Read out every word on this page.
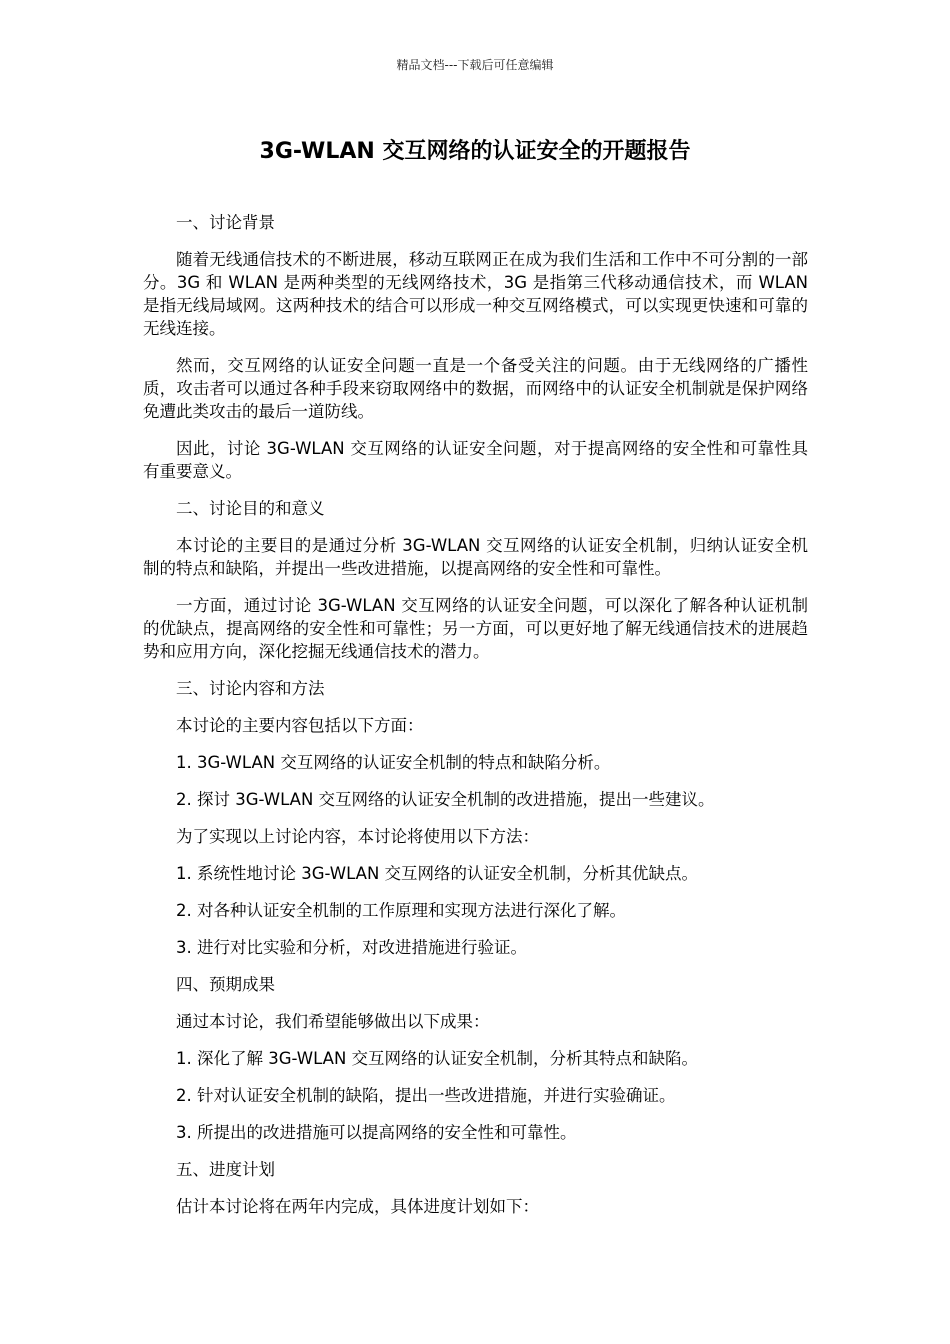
精品文档---下载后可任意编辑
3G-WLAN 交互网络的认证安全的开题报告

一、讨论背景

随着无线通信技术的不断进展，移动互联网正在成为我们生活和工作中不可分割的一部分。3G 和 WLAN 是两种类型的无线网络技术，3G 是指第三代移动通信技术，而 WLAN 是指无线局域网。这两种技术的结合可以形成一种交互网络模式，可以实现更快速和可靠的无线连接。

然而，交互网络的认证安全问题一直是一个备受关注的问题。由于无线网络的广播性质，攻击者可以通过各种手段来窃取网络中的数据，而网络中的认证安全机制就是保护网络免遭此类攻击的最后一道防线。

因此，讨论 3G-WLAN 交互网络的认证安全问题，对于提高网络的安全性和可靠性具有重要意义。

二、讨论目的和意义

本讨论的主要目的是通过分析 3G-WLAN 交互网络的认证安全机制，归纳认证安全机制的特点和缺陷，并提出一些改进措施，以提高网络的安全性和可靠性。

一方面，通过讨论 3G-WLAN 交互网络的认证安全问题，可以深化了解各种认证机制的优缺点，提高网络的安全性和可靠性；另一方面，可以更好地了解无线通信技术的进展趋势和应用方向，深化挖掘无线通信技术的潜力。

三、讨论内容和方法

本讨论的主要内容包括以下方面：

1. 3G-WLAN 交互网络的认证安全机制的特点和缺陷分析。

2. 探讨 3G-WLAN 交互网络的认证安全机制的改进措施，提出一些建议。

为了实现以上讨论内容，本讨论将使用以下方法：

1. 系统性地讨论 3G-WLAN 交互网络的认证安全机制，分析其优缺点。

2. 对各种认证安全机制的工作原理和实现方法进行深化了解。

3. 进行对比实验和分析，对改进措施进行验证。

四、预期成果

通过本讨论，我们希望能够做出以下成果：

1. 深化了解 3G-WLAN 交互网络的认证安全机制，分析其特点和缺陷。

2. 针对认证安全机制的缺陷，提出一些改进措施，并进行实验确证。

3. 所提出的改进措施可以提高网络的安全性和可靠性。

五、进度计划

估计本讨论将在两年内完成，具体进度计划如下：
